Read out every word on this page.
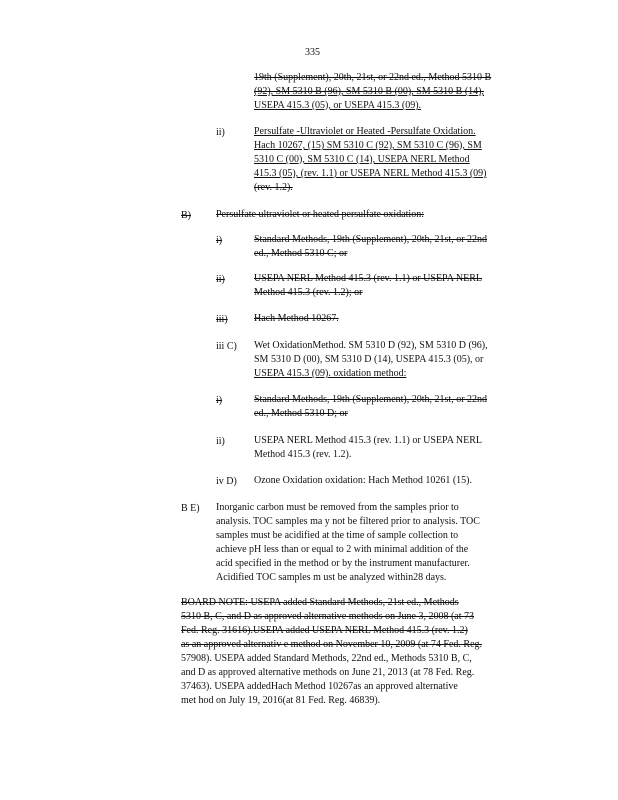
335
19th (Supplement), 20th, 21st, or 22nd ed., Method 5310 B
(92), SM 5310 B (96), SM 5310 B (00), SM 5310 B (14),
USEPA 415.3 (05), or USEPA 415.3 (09).
ii)	Persulfate -Ultraviolet or Heated -Persulfate Oxidation.
Hach 10267, (15) SM 5310 C (92), SM 5310 C (96), SM
5310 C (00), SM 5310 C (14), USEPA NERL Method
415.3 (05), (rev. 1.1) or USEPA NERL Method 415.3 (09)
(rev. 1.2).
B)	Persulfate ultraviolet or heated persulfate oxidation:
i)	Standard Methods, 19th (Supplement), 20th, 21st, or 22nd
ed., Method 5310 C; or
ii)	USEPA NERL Method 415.3 (rev. 1.1) or USEPA NERL
Method 415.3 (rev. 1.2); or
iii)	Hach Method 10267.
iii C) Wet OxidationMethod. SM 5310 D (92), SM 5310 D (96),
SM 5310 D (00), SM 5310 D (14), USEPA 415.3 (05), or
USEPA 415.3 (09). oxidation method:
i)	Standard Methods, 19th (Supplement), 20th, 21st, or 22nd
ed., Method 5310 D; or
ii)	USEPA NERL Method 415.3 (rev. 1.1) or USEPA NERL
Method 415.3 (rev. 1.2).
iv D) Ozone Oxidation oxidation: Hach Method 10261 (15).
B E) Inorganic carbon must be removed from the samples prior to
analysis. TOC samples ma y not be filtered prior to analysis. TOC
samples must be acidified at the time of sample collection to
achieve pH less than or equal to 2 with minimal addition of the
acid specified in the method or by the instrument manufacturer.
Acidified TOC samples m ust be analyzed within28 days.
BOARD NOTE: USEPA added Standard Methods, 21st ed., Methods
5310 B, C, and D as approved alternative methods on June 3, 2008 (at 73
Fed. Reg. 31616).USEPA added USEPA NERL Method 415.3 (rev. 1.2)
as an approved alternativ e method on November 10, 2009 (at 74 Fed. Reg.
57908). USEPA added Standard Methods, 22nd ed., Methods 5310 B, C,
and D as approved alternative methods on June 21, 2013 (at 78 Fed. Reg.
37463). USEPA addedHach Method 10267as an approved alternative
met hod on July 19, 2016(at 81 Fed. Reg. 46839).
